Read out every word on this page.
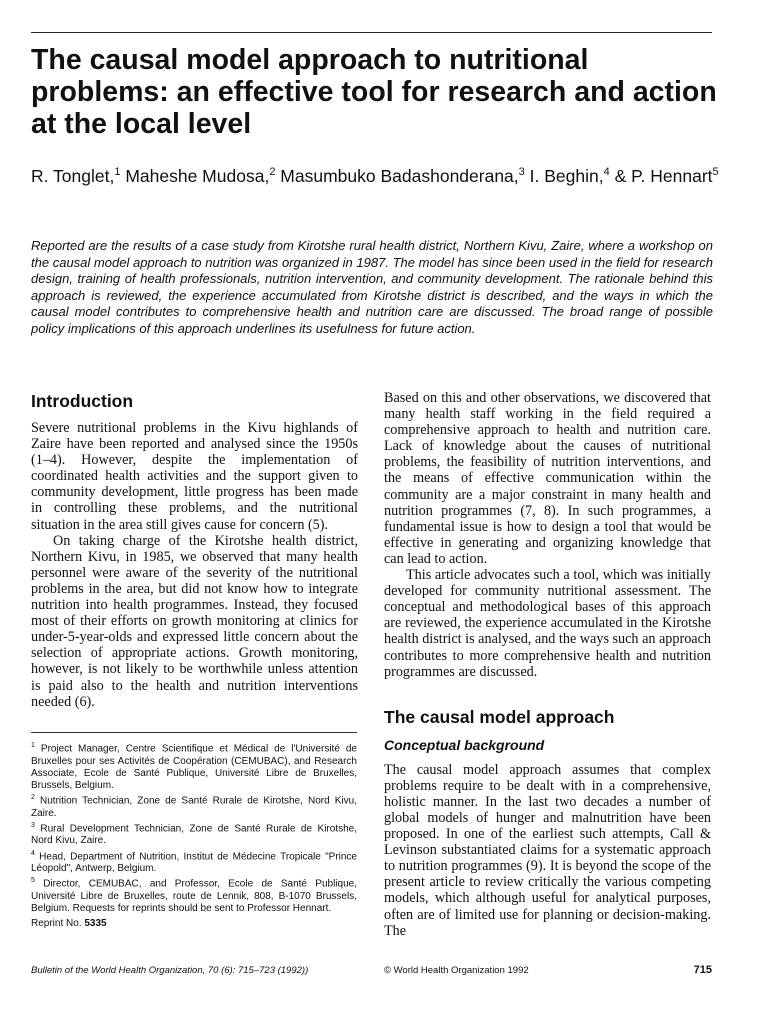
The causal model approach to nutritional problems: an effective tool for research and action at the local level
R. Tonglet,$^1$ Maheshe Mudosa,$^2$ Masumbuko Badashonderana,$^3$ I. Beghin,$^4$ & P. Hennart$^5$

Reported are the results of a case study from Kirotshe rural health district, Northern Kivu, Zaire, where a workshop on the causal model approach to nutrition was organized in 1987. The model has since been used in the field for research design, training of health professionals, nutrition intervention, and community development. The rationale behind this approach is reviewed, the experience accumulated from Kirotshe district is described, and the ways in which the causal model contributes to comprehensive health and nutrition care are discussed. The broad range of possible policy implications of this approach underlines its usefulness for future action.

Introduction

Severe nutritional problems in the Kivu highlands of Zaire have been reported and analysed since the 1950s (1–4). However, despite the implementation of coordinated health activities and the support given to community development, little progress has been made in controlling these problems, and the nutritional situation in the area still gives cause for concern (5).

On taking charge of the Kirotshe health district, Northern Kivu, in 1985, we observed that many health personnel were aware of the severity of the nutritional problems in the area, but did not know how to integrate nutrition into health programmes. Instead, they focused most of their efforts on growth monitoring at clinics for under-5-year-olds and expressed little concern about the selection of appropriate actions. Growth monitoring, however, is not likely to be worthwhile unless attention is paid also to the health and nutrition interventions needed (6).

Based on this and other observations, we discovered that many health staff working in the field required a comprehensive approach to health and nutrition care. Lack of knowledge about the causes of nutritional problems, the feasibility of nutrition interventions, and the means of effective communication within the community are a major constraint in many health and nutrition programmes (7, 8). In such programmes, a fundamental issue is how to design a tool that would be effective in generating and organizing knowledge that can lead to action.

This article advocates such a tool, which was initially developed for community nutritional assessment. The conceptual and methodological bases of this approach are reviewed, the experience accumulated in the Kirotshe health district is analysed, and the ways such an approach contributes to more comprehensive health and nutrition programmes are discussed.

The causal model approach
Conceptual background

The causal model approach assumes that complex problems require to be dealt with in a comprehensive, holistic manner. In the last two decades a number of global models of hunger and malnutrition have been proposed. In one of the earliest such attempts, Call & Levinson substantiated claims for a systematic approach to nutrition programmes (9). It is beyond the scope of the present article to review critically the various competing models, which although useful for analytical purposes, often are of limited use for planning or decision-making. The

$^1$ Project Manager, Centre Scientifique et Médical de l'Université de Bruxelles pour ses Activités de Coopération (CEMUBAC), and Research Associate, Ecole de Santé Publique, Université Libre de Bruxelles, Brussels, Belgium.

$^2$ Nutrition Technician, Zone de Santé Rurale de Kirotshe, Nord Kivu, Zaire.

$^3$ Rural Development Technician, Zone de Santé Rurale de Kirotshe, Nord Kivu, Zaire.

$^4$ Head, Department of Nutrition, Institut de Médecine Tropicale "Prince Léopold", Antwerp, Belgium.

$^5$ Director, CEMUBAC, and Professor, Ecole de Santé Publique, Université Libre de Bruxelles, route de Lennik, 808, B-1070 Brussels, Belgium. Requests for reprints should be sent to Professor Hennart.

Reprint No. 5335

Bulletin of the World Health Organization, 70 (6): 715–723 (1992))	© World Health Organization 1992	715
